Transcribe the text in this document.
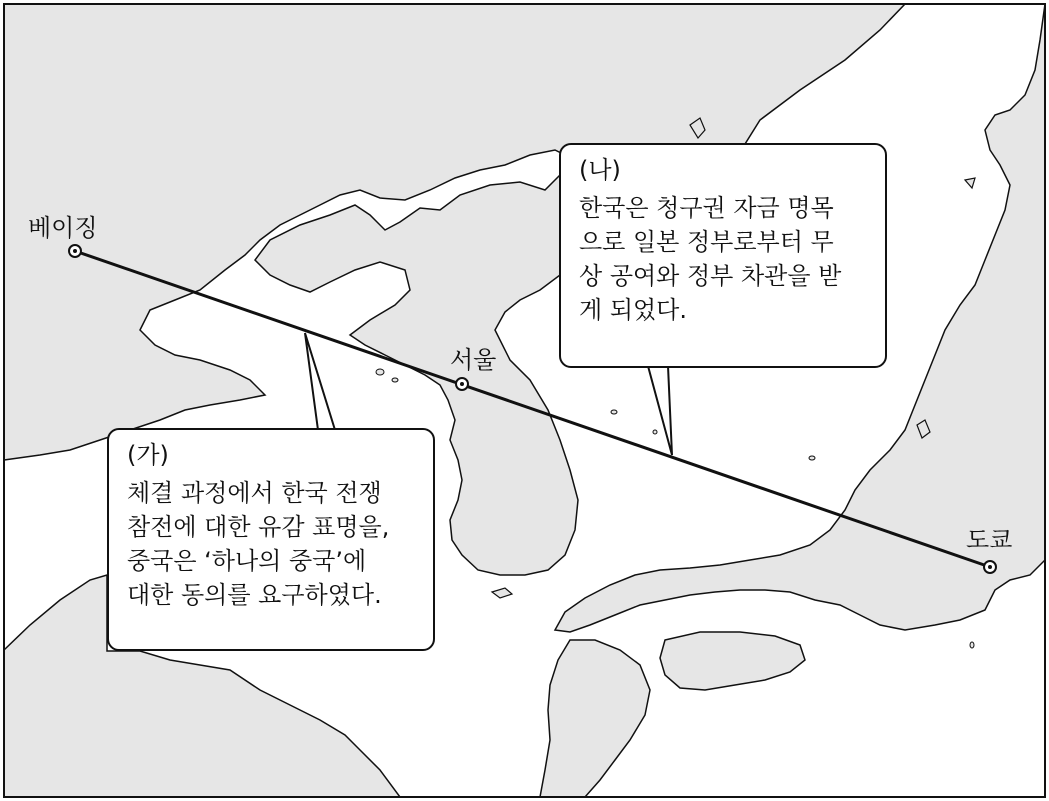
베이징
서울
도쿄
(가)
체결 과정에서 한국 전쟁
참전에 대한 유감 표명을,
중국은 ‘하나의 중국’에
대한 동의를 요구하였다.
(나)
한국은 청구권 자금 명목
으로 일본 정부로부터 무
상 공여와 정부 차관을 받
게 되었다.
